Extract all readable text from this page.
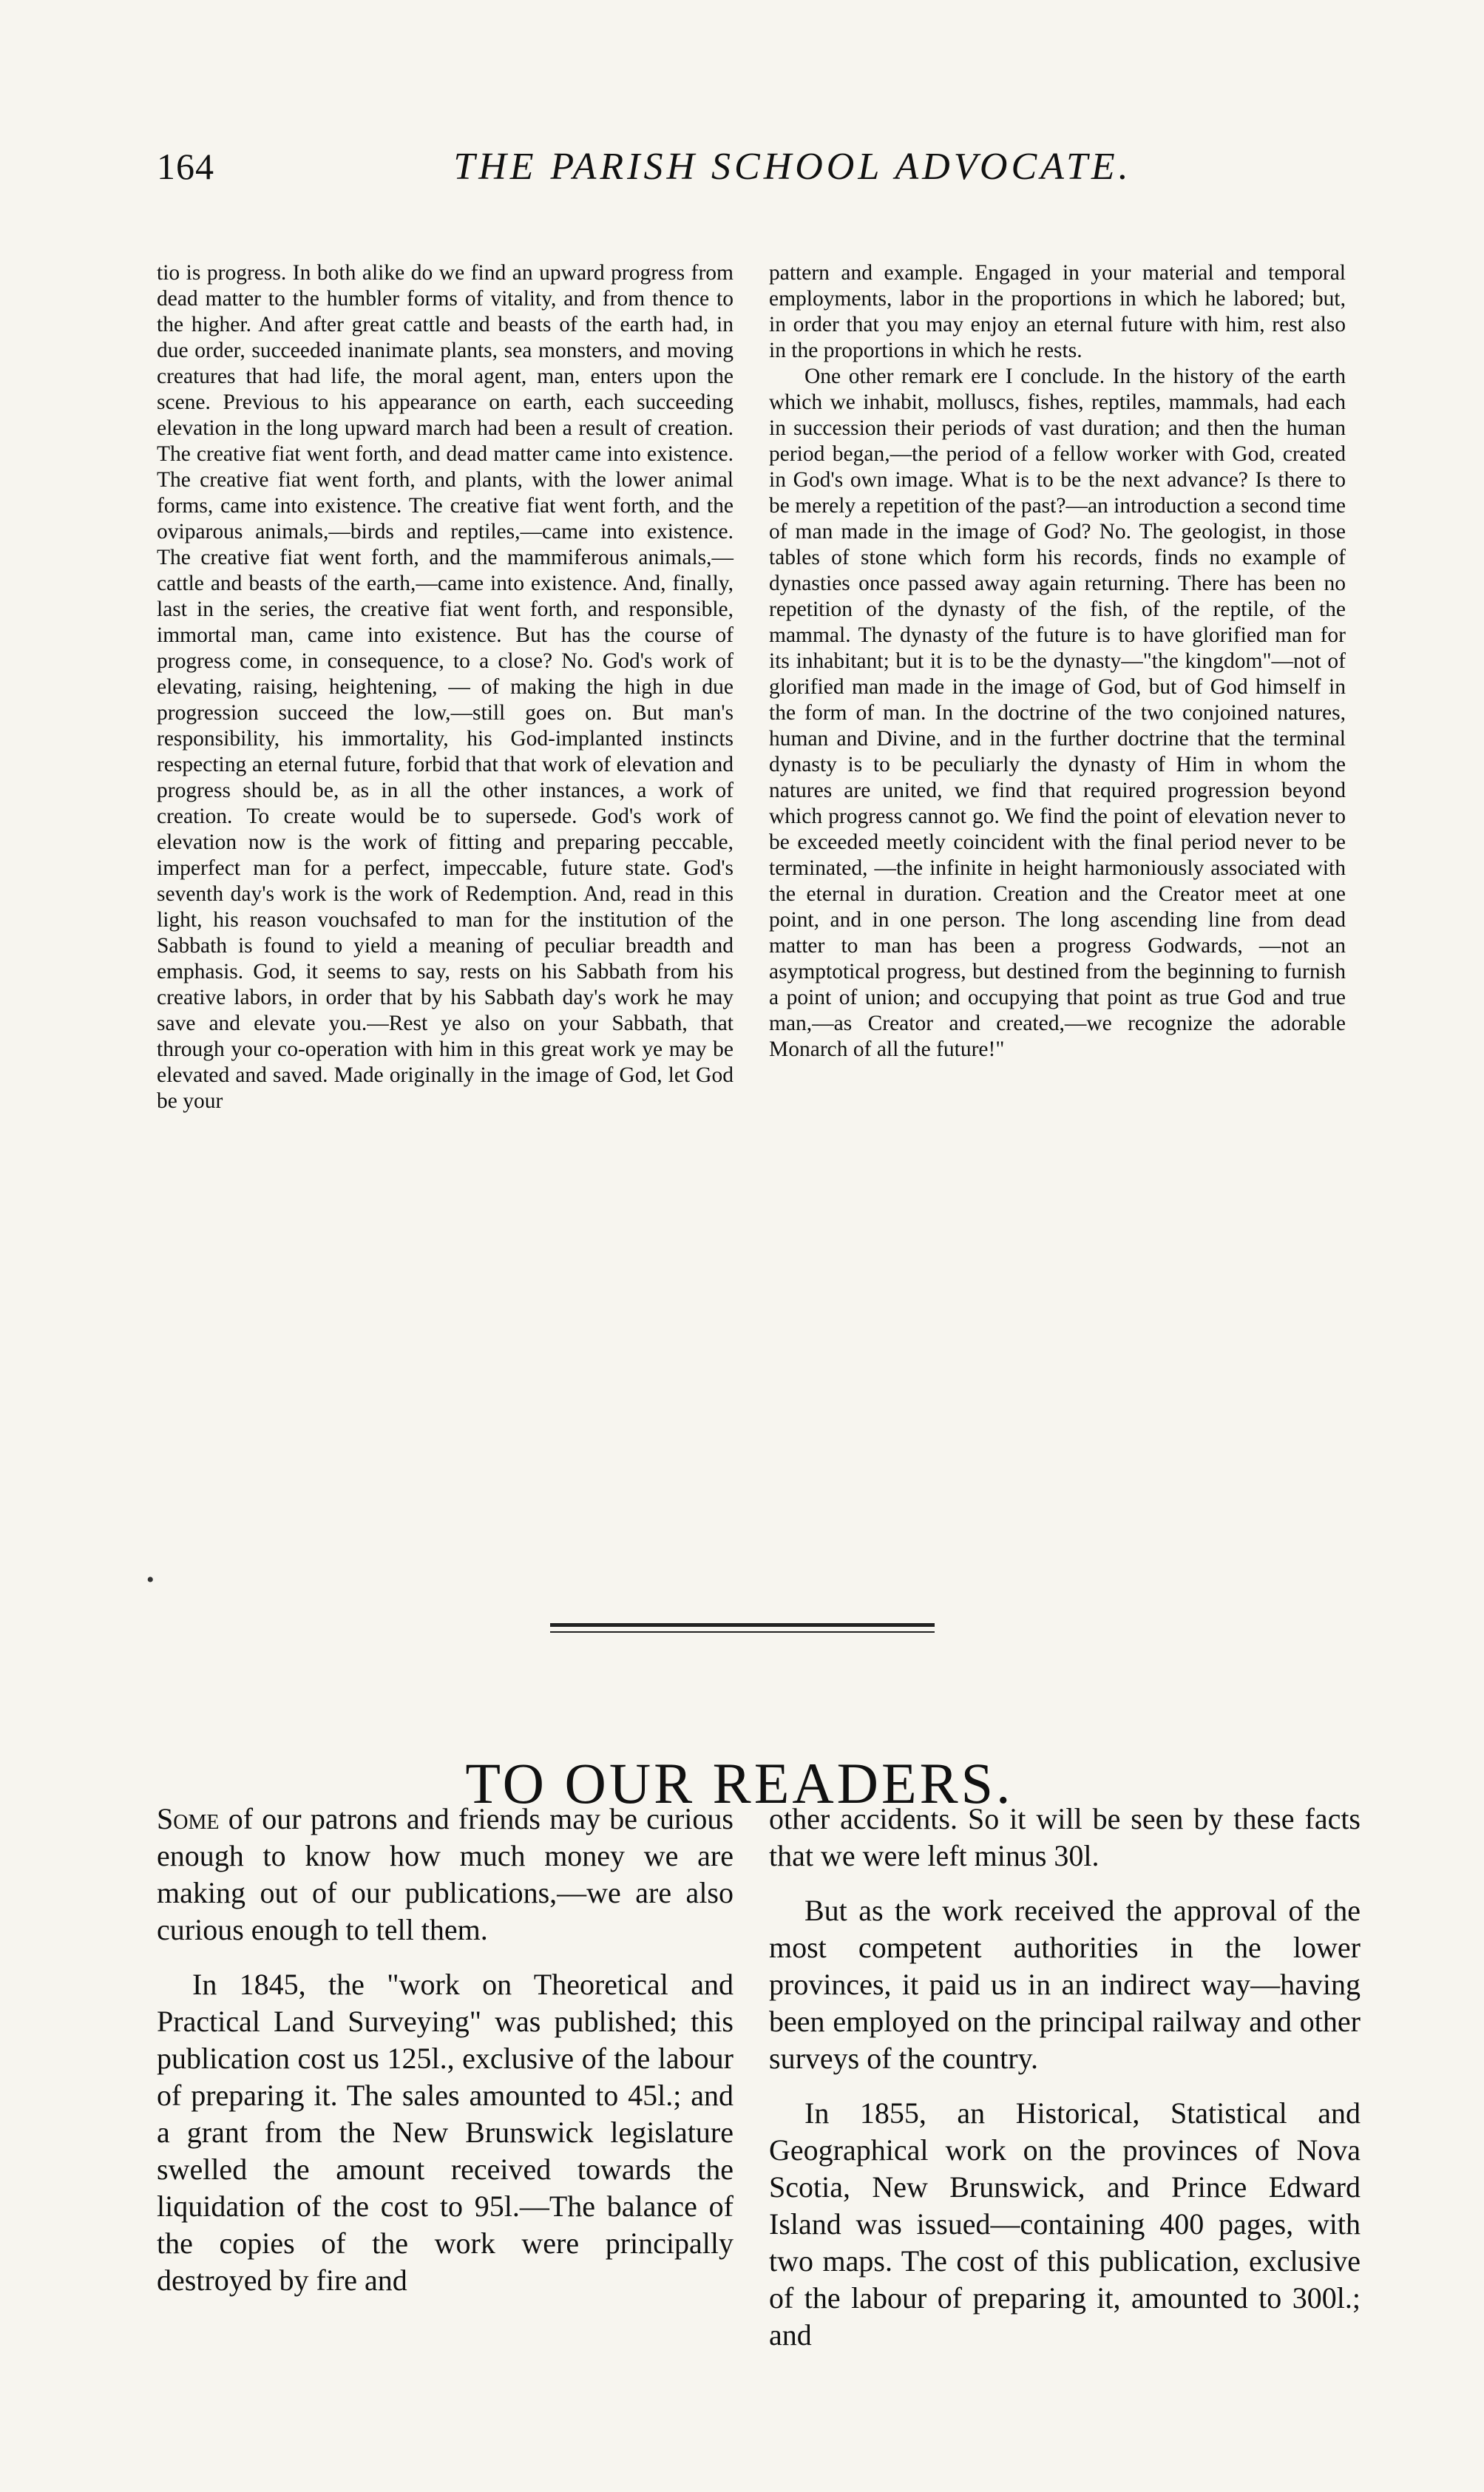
164	THE PARISH SCHOOL ADVOCATE.

tio is progress. In both alike do we find an upward progress from dead matter to the humbler forms of vitality, and from thence to the higher. And after great cattle and beasts of the earth had, in due order, succeeded inanimate plants, sea monsters, and moving creatures that had life, the moral agent, man, enters upon the scene. Previous to his appearance on earth, each succeeding elevation in the long upward march had been a result of creation. The creative fiat went forth, and dead matter came into existence. The creative fiat went forth, and plants, with the lower animal forms, came into existence. The creative fiat went forth, and the oviparous animals,—birds and reptiles,—came into existence. The creative fiat went forth, and the mammiferous animals,—cattle and beasts of the earth,—came into existence. And, finally, last in the series, the creative fiat went forth, and responsible, immortal man, came into existence. But has the course of progress come, in consequence, to a close? No. God's work of elevating, raising, heightening, — of making the high in due progression succeed the low,—still goes on. But man's responsibility, his immortality, his God-implanted instincts respecting an eternal future, forbid that that work of elevation and progress should be, as in all the other instances, a work of creation. To create would be to supersede. God's work of elevation now is the work of fitting and preparing peccable, imperfect man for a perfect, impeccable, future state. God's seventh day's work is the work of Redemption. And, read in this light, his reason vouchsafed to man for the institution of the Sabbath is found to yield a meaning of peculiar breadth and emphasis. God, it seems to say, rests on his Sabbath from his creative labors, in order that by his Sabbath day's work he may save and elevate you.—Rest ye also on your Sabbath, that through your co-operation with him in this great work ye may be elevated and saved. Made originally in the image of God, let God be your

pattern and example. Engaged in your material and temporal employments, labor in the proportions in which he labored; but, in order that you may enjoy an eternal future with him, rest also in the proportions in which he rests.

One other remark ere I conclude. In the history of the earth which we inhabit, molluscs, fishes, reptiles, mammals, had each in succession their periods of vast duration; and then the human period began,—the period of a fellow worker with God, created in God's own image. What is to be the next advance? Is there to be merely a repetition of the past?—an introduction a second time of man made in the image of God? No. The geologist, in those tables of stone which form his records, finds no example of dynasties once passed away again returning. There has been no repetition of the dynasty of the fish, of the reptile, of the mammal. The dynasty of the future is to have glorified man for its inhabitant; but it is to be the dynasty—"the kingdom"—not of glorified man made in the image of God, but of God himself in the form of man. In the doctrine of the two conjoined natures, human and Divine, and in the further doctrine that the terminal dynasty is to be peculiarly the dynasty of Him in whom the natures are united, we find that required progression beyond which progress cannot go. We find the point of elevation never to be exceeded meetly coincident with the final period never to be terminated, —the infinite in height harmoniously associated with the eternal in duration. Creation and the Creator meet at one point, and in one person. The long ascending line from dead matter to man has been a progress Godwards, —not an asymptotical progress, but destined from the beginning to furnish a point of union; and occupying that point as true God and true man,—as Creator and created,—we recognize the adorable Monarch of all the future!"

•
TO OUR READERS.

Some of our patrons and friends may be curious enough to know how much money we are making out of our publications,—we are also curious enough to tell them.

In 1845, the "work on Theoretical and Practical Land Surveying" was published; this publication cost us 125l., exclusive of the labour of preparing it. The sales amounted to 45l.; and a grant from the New Brunswick legislature swelled the amount received towards the liquidation of the cost to 95l.—The balance of the copies of the work were principally destroyed by fire and

other accidents. So it will be seen by these facts that we were left minus 30l.

But as the work received the approval of the most competent authorities in the lower provinces, it paid us in an indirect way—having been employed on the principal railway and other surveys of the country.

In 1855, an Historical, Statistical and Geographical work on the provinces of Nova Scotia, New Brunswick, and Prince Edward Island was issued—containing 400 pages, with two maps. The cost of this publication, exclusive of the labour of preparing it, amounted to 300l.; and
